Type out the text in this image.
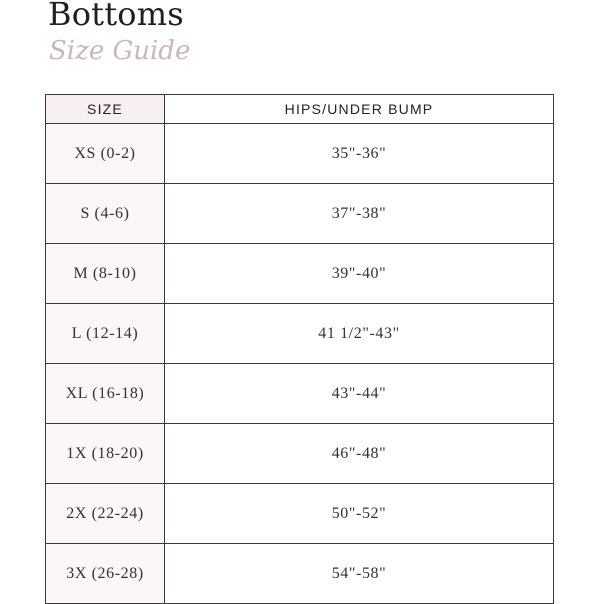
Bottoms
Size Guide
SIZE	HIPS/UNDER BUMP
XS (0-2)	35"-36"
S (4-6)	37"-38"
M (8-10)	39"-40"
L (12-14)	41 1/2"-43"
XL (16-18)	43"-44"
1X (18-20)	46"-48"
2X (22-24)	50"-52"
3X (26-28)	54"-58"
